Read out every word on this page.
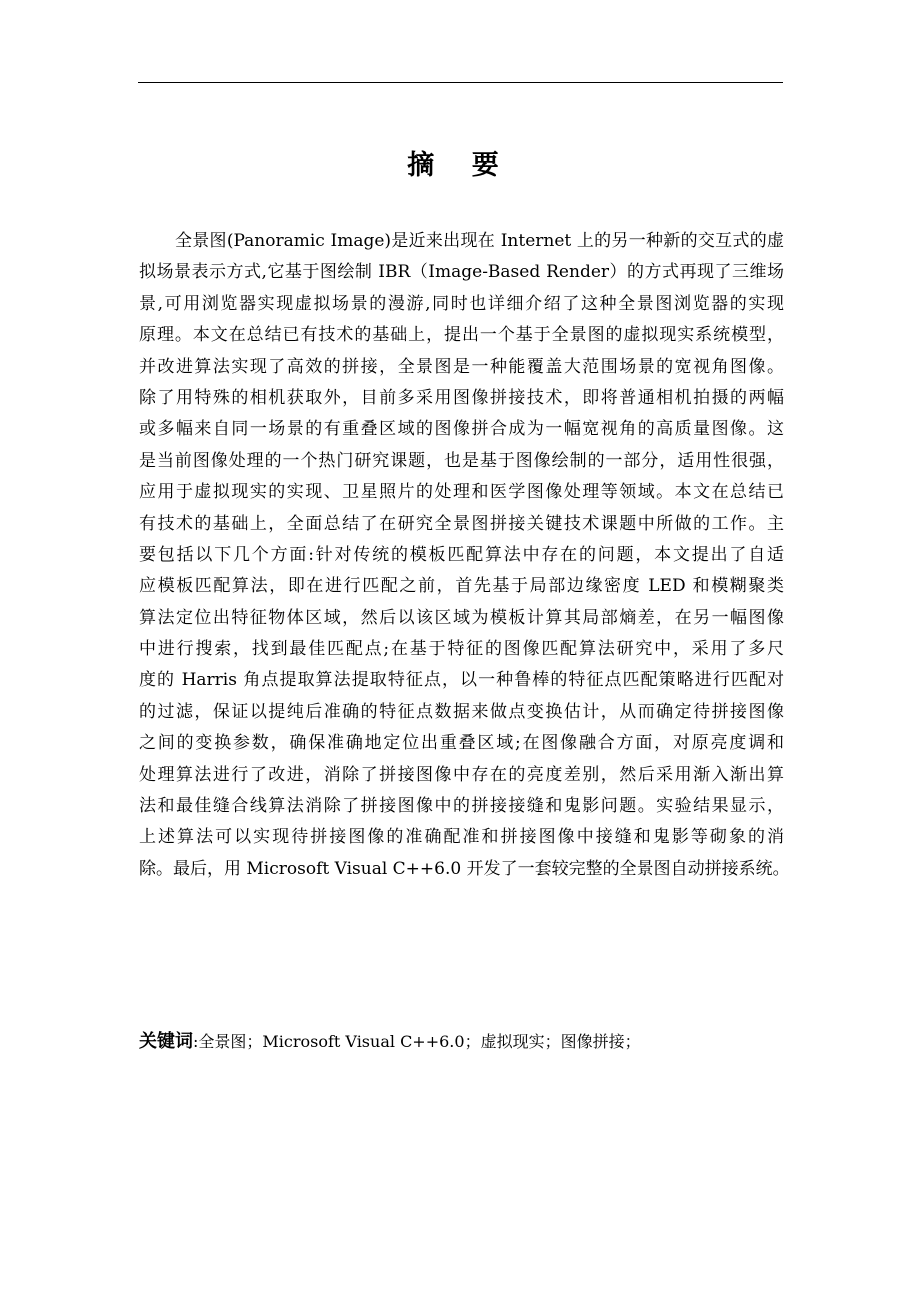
摘 要
全景图(Panoramic Image)是近来出现在 Internet 上的另一种新的交互式的虚
拟场景表示方式,它基于图绘制 IBR（Image-Based Render）的方式再现了三维场
景,可用浏览器实现虚拟场景的漫游,同时也详细介绍了这种全景图浏览器的实现
原理。本文在总结已有技术的基础上，提出一个基于全景图的虚拟现实系统模型，
并改进算法实现了高效的拼接，全景图是一种能覆盖大范围场景的宽视角图像。
除了用特殊的相机获取外，目前多采用图像拼接技术，即将普通相机拍摄的两幅
或多幅来自同一场景的有重叠区域的图像拼合成为一幅宽视角的高质量图像。这
是当前图像处理的一个热门研究课题，也是基于图像绘制的一部分，适用性很强，
应用于虚拟现实的实现、卫星照片的处理和医学图像处理等领域。本文在总结已
有技术的基础上，全面总结了在研究全景图拼接关键技术课题中所做的工作。主
要包括以下几个方面:针对传统的模板匹配算法中存在的问题，本文提出了自适
应模板匹配算法，即在进行匹配之前，首先基于局部边缘密度 LED 和模糊聚类
算法定位出特征物体区域，然后以该区域为模板计算其局部熵差，在另一幅图像
中进行搜索，找到最佳匹配点;在基于特征的图像匹配算法研究中，采用了多尺
度的 Harris 角点提取算法提取特征点，以一种鲁棒的特征点匹配策略进行匹配对
的过滤，保证以提纯后准确的特征点数据来做点变换估计，从而确定待拼接图像
之间的变换参数，确保准确地定位出重叠区域;在图像融合方面，对原亮度调和
处理算法进行了改进，消除了拼接图像中存在的亮度差别，然后采用渐入渐出算
法和最佳缝合线算法消除了拼接图像中的拼接接缝和鬼影问题。实验结果显示，
上述算法可以实现待拼接图像的准确配准和拼接图像中接缝和鬼影等砌象的消
除。最后，用 Microsoft Visual C++6.0 开发了一套较完整的全景图自动拼接系统。
关键词:全景图；Microsoft Visual C++6.0；虚拟现实；图像拼接；
